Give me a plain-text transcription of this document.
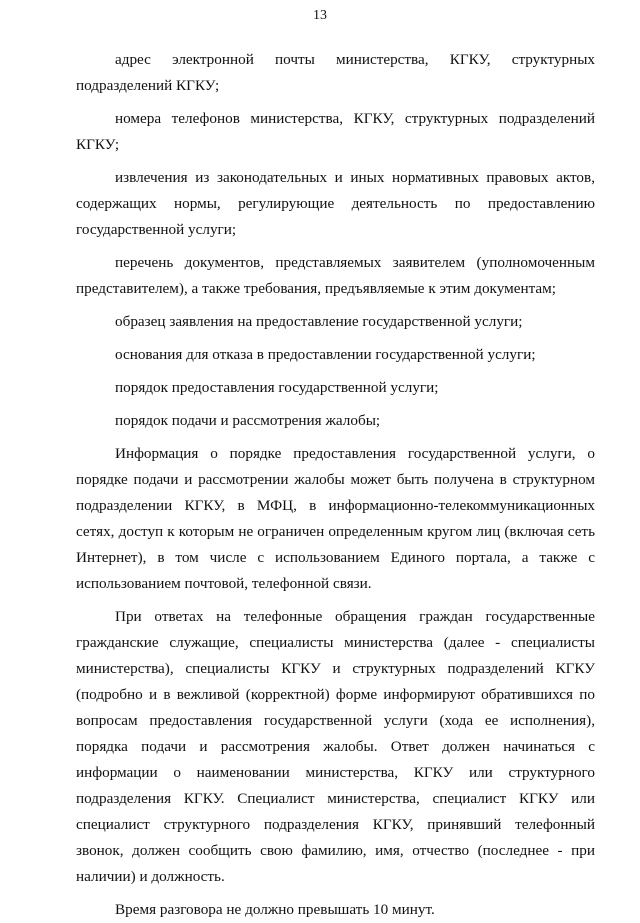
13

адрес электронной почты министерства, КГКУ, структурных подразделений КГКУ;

номера телефонов министерства, КГКУ, структурных подразделений КГКУ;

извлечения из законодательных и иных нормативных правовых актов, содержащих нормы, регулирующие деятельность по предоставлению государственной услуги;

перечень документов, представляемых заявителем (уполномоченным представителем), а также требования, предъявляемые к этим документам;

образец заявления на предоставление государственной услуги;

основания для отказа в предоставлении государственной услуги;

порядок предоставления государственной услуги;

порядок подачи и рассмотрения жалобы;

Информация о порядке предоставления государственной услуги, о порядке подачи и рассмотрении жалобы может быть получена в структурном подразделении КГКУ, в МФЦ, в информационно-телекоммуникационных сетях, доступ к которым не ограничен определенным кругом лиц (включая сеть Интернет), в том числе с использованием Единого портала, а также с использованием почтовой, телефонной связи.

При ответах на телефонные обращения граждан государственные гражданские служащие, специалисты министерства (далее - специалисты министерства), специалисты КГКУ и структурных подразделений КГКУ (подробно и в вежливой (корректной) форме информируют обратившихся по вопросам предоставления государственной услуги (хода ее исполнения), порядка подачи и рассмотрения жалобы. Ответ должен начинаться с информации о наименовании министерства, КГКУ или структурного подразделения КГКУ. Специалист министерства, специалист КГКУ или специалист структурного подразделения КГКУ, принявший телефонный звонок, должен сообщить свою фамилию, имя, отчество (последнее - при наличии) и должность.

Время разговора не должно превышать 10 минут.
